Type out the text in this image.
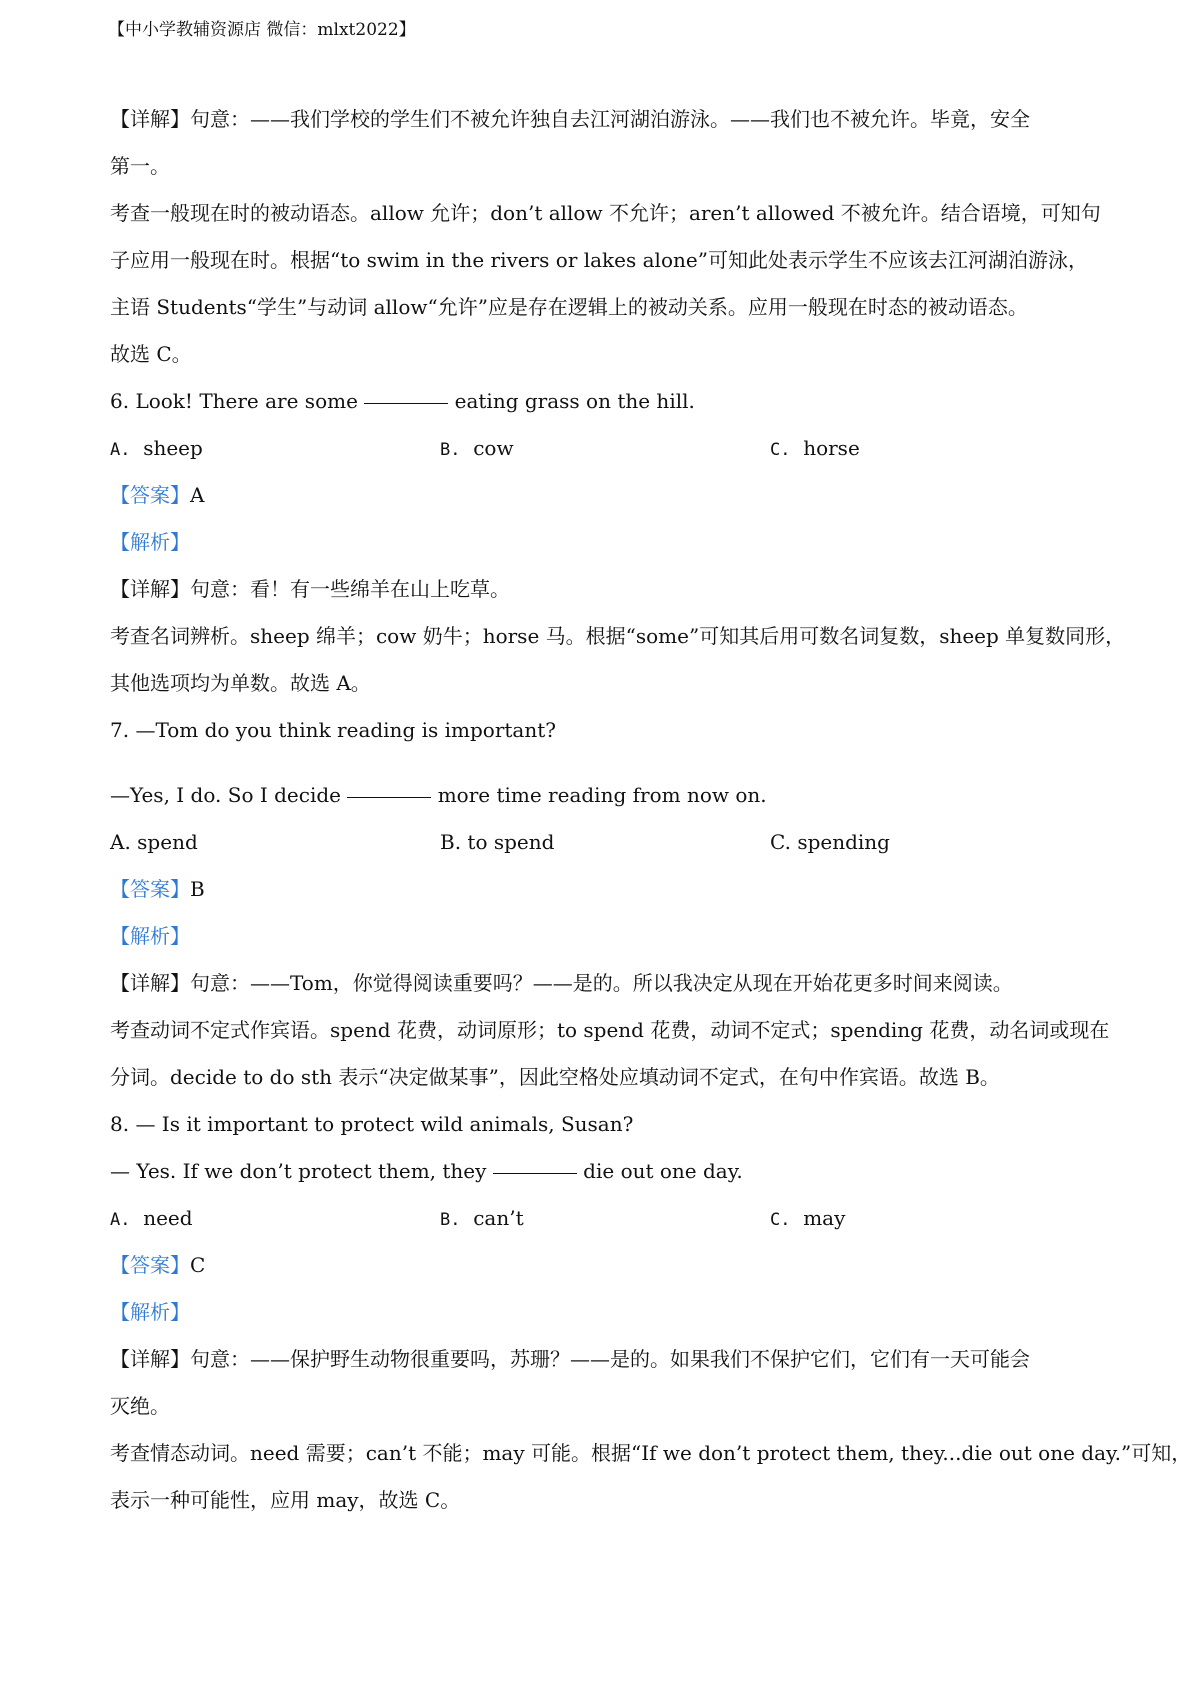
【中小学教辅资源店 微信：mlxt2022】
【详解】句意：——我们学校的学生们不被允许独自去江河湖泊游泳。——我们也不被允许。毕竟，安全
第一。
考查一般现在时的被动语态。allow 允许；don’t allow 不允许；aren’t allowed 不被允许。结合语境，可知句
子应用一般现在时。根据“to swim in the rivers or lakes alone”可知此处表示学生不应该去江河湖泊游泳，
主语 Students“学生”与动词 allow“允许”应是存在逻辑上的被动关系。应用一般现在时态的被动语态。
故选 C。
6. Look! There are some	eating grass on the hill.
A. sheep	B. cow	C. horse
【答案】A
【解析】
【详解】句意：看！有一些绵羊在山上吃草。
考查名词辨析。sheep 绵羊；cow 奶牛；horse 马。根据“some”可知其后用可数名词复数，sheep 单复数同形，
其他选项均为单数。故选 A。
7. —Tom do you think reading is important?
—Yes, I do. So I decide	more time reading from now on.
A. spend	B. to spend	C. spending
【答案】B
【解析】
【详解】句意：——Tom，你觉得阅读重要吗？——是的。所以我决定从现在开始花更多时间来阅读。
考查动词不定式作宾语。spend 花费，动词原形；to spend 花费，动词不定式；spending 花费，动名词或现在
分词。decide to do sth 表示“决定做某事”，因此空格处应填动词不定式，在句中作宾语。故选 B。
8. — Is it important to protect wild animals, Susan?
— Yes. If we don’t protect them, they	die out one day.
A. need	B. can’t	C. may
【答案】C
【解析】
【详解】句意：——保护野生动物很重要吗，苏珊？——是的。如果我们不保护它们，它们有一天可能会
灭绝。
考查情态动词。need 需要；can’t 不能；may 可能。根据“If we don’t protect them, they...die out one day.”可知，
表示一种可能性，应用 may，故选 C。
